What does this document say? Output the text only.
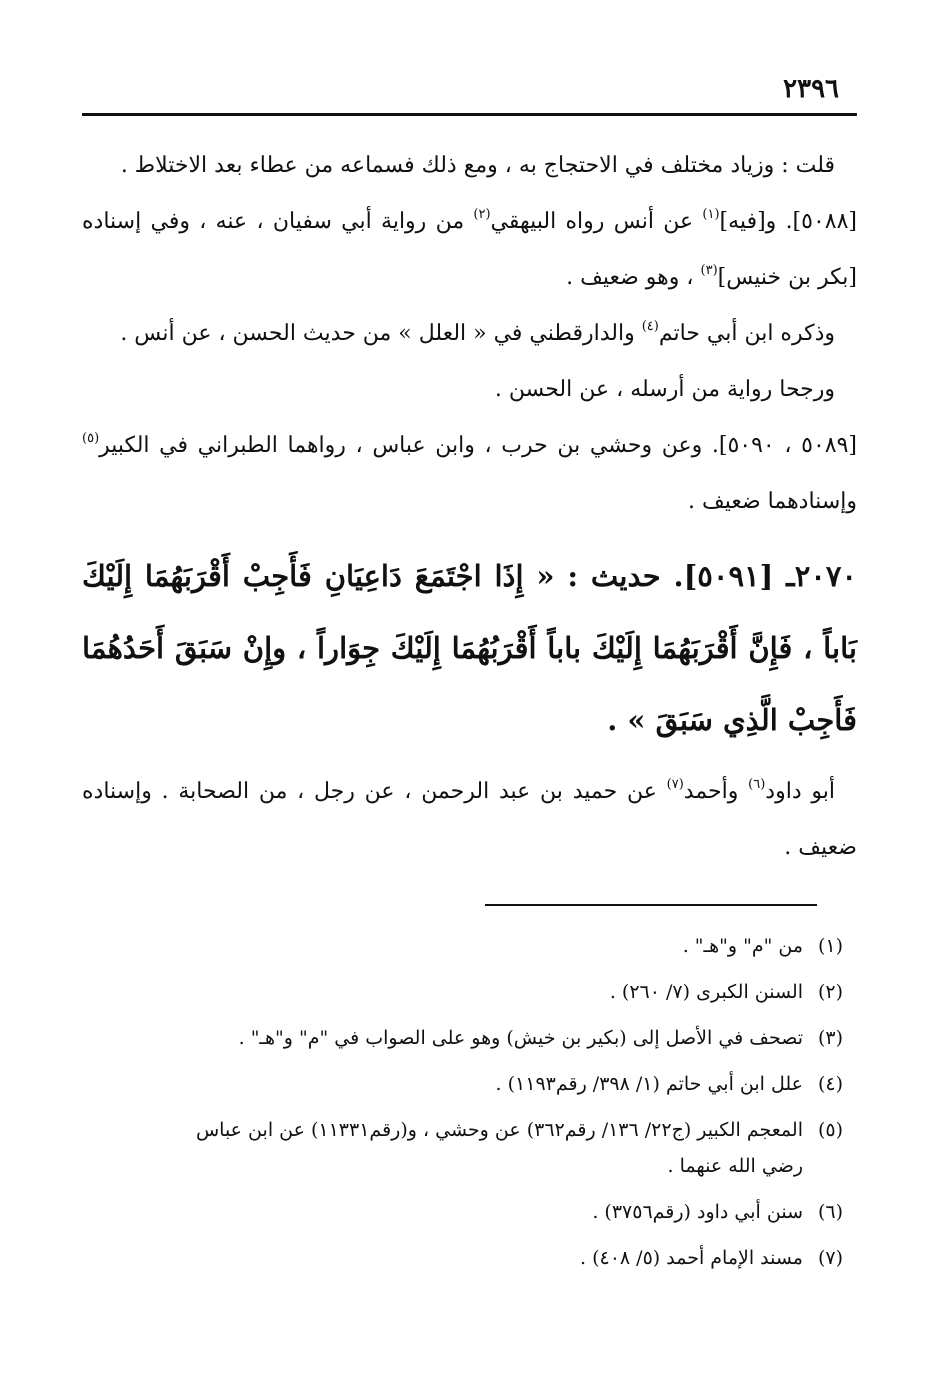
٢٣٩٦

قلت : وزياد مختلف في الاحتجاج به ، ومع ذلك فسماعه من عطاء بعد الاختلاط .

[٥٠٨٨]. و[فيه]$^{(١)}$ عن أنس رواه البيهقي$^{(٢)}$ من رواية أبي سفيان ، عنه ، وفي إسناده [بكر بن خنيس]$^{(٣)}$ ، وهو ضعيف .

وذكره ابن أبي حاتم$^{(٤)}$ والدارقطني في « العلل » من حديث الحسن ، عن أنس .

ورجحا رواية من أرسله ، عن الحسن .

[٥٠٨٩ ، ٥٠٩٠]. وعن وحشي بن حرب ، وابن عباس ، رواهما الطبراني في الكبير$^{(٥)}$ وإسنادهما ضعيف .

٢٠٧٠ـ [٥٠٩١]. حديث : « إِذَا اجْتَمَعَ دَاعِيَانِ فَأَجِبْ أَقْرَبَهُمَا إِلَيْكَ بَاباً ، فَإِنَّ أَقْرَبَهُمَا إِلَيْكَ باباً أَقْرَبُهُمَا إِلَيْكَ جِوَاراً ، وإِنْ سَبَقَ أَحَدُهُمَا فَأَجِبْ الَّذِي سَبَقَ » .

أبو داود$^{(٦)}$ وأحمد$^{(٧)}$ عن حميد بن عبد الرحمن ، عن رجل ، من الصحابة . وإسناده ضعيف .

(١)
من "م" و"هـ" .
(٢)
السنن الكبرى (٧/ ٢٦٠) .
(٣)
تصحف في الأصل إلى (بكير بن خيش) وهو على الصواب في "م" و"هـ" .
(٤)
علل ابن أبي حاتم (١/ ٣٩٨/ رقم١١٩٣) .
(٥)
المعجم الكبير (ج٢٢/ ١٣٦/ رقم٣٦٢) عن وحشي ، و(رقم١١٣٣١) عن ابن عباس
رضي الله عنهما .
(٦)
سنن أبي داود (رقم٣٧٥٦) .
(٧)
مسند الإمام أحمد (٥/ ٤٠٨) .
